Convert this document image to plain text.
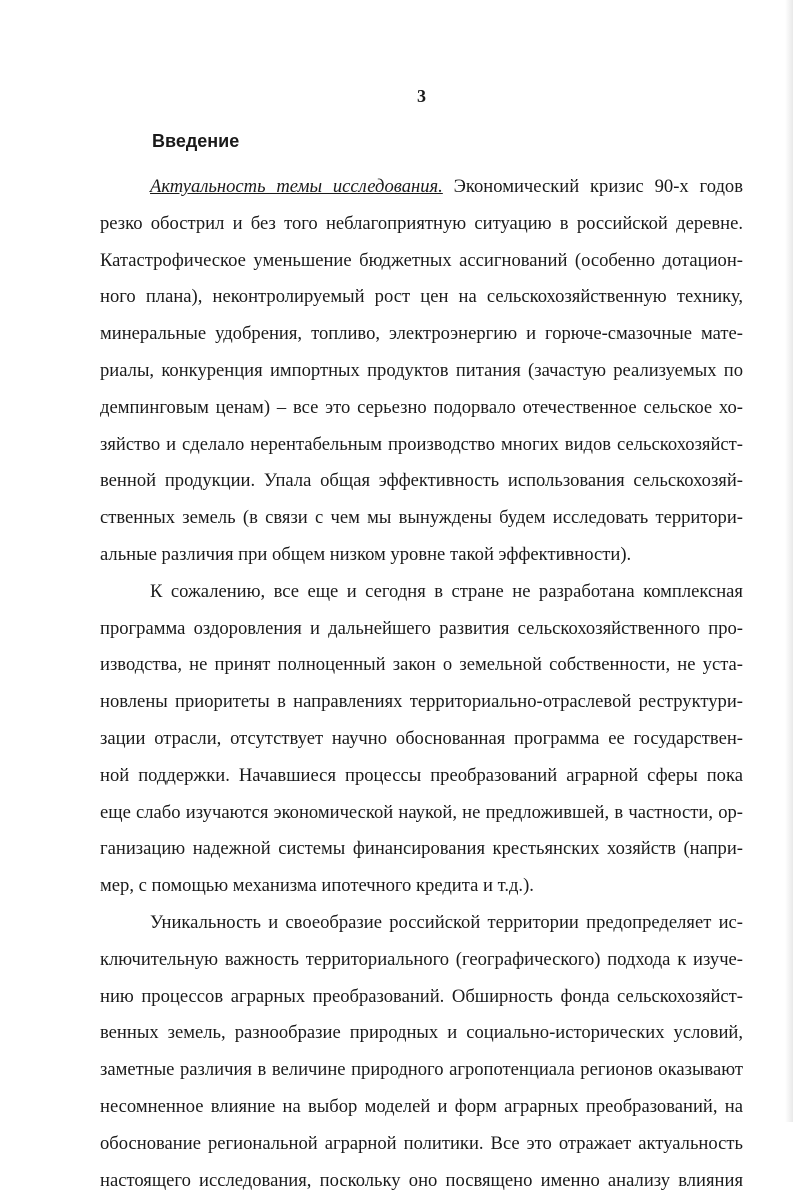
3
Введение
Актуальность темы исследования. Экономический кризис 90-х годов
резко обострил и без того неблагоприятную ситуацию в российской деревне.
Катастрофическое уменьшение бюджетных ассигнований (особенно дотацион-
ного плана), неконтролируемый рост цен на сельскохозяйственную технику,
минеральные удобрения, топливо, электроэнергию и горюче-смазочные мате-
риалы, конкуренция импортных продуктов питания (зачастую реализуемых по
демпинговым ценам) – все это серьезно подорвало отечественное сельское хо-
зяйство и сделало нерентабельным производство многих видов сельскохозяйст-
венной продукции. Упала общая эффективность использования сельскохозяй-
ственных земель (в связи с чем мы вынуждены будем исследовать территори-
альные различия при общем низком уровне такой эффективности).
К сожалению, все еще и сегодня в стране не разработана комплексная
программа оздоровления и дальнейшего развития сельскохозяйственного про-
изводства, не принят полноценный закон о земельной собственности, не уста-
новлены приоритеты в направлениях территориально-отраслевой реструктури-
зации отрасли, отсутствует научно обоснованная программа ее государствен-
ной поддержки. Начавшиеся процессы преобразований аграрной сферы пока
еще слабо изучаются экономической наукой, не предложившей, в частности, ор-
ганизацию надежной системы финансирования крестьянских хозяйств (напри-
мер, с помощью механизма ипотечного кредита и т.д.).
Уникальность и своеобразие российской территории предопределяет ис-
ключительную важность территориального (географического) подхода к изуче-
нию процессов аграрных преобразований. Обширность фонда сельскохозяйст-
венных земель, разнообразие природных и социально-исторических условий,
заметные различия в величине природного агропотенциала регионов оказывают
несомненное влияние на выбор моделей и форм аграрных преобразований, на
обоснование региональной аграрной политики. Все это отражает актуальность
настоящего исследования, поскольку оно посвящено именно анализу влияния
